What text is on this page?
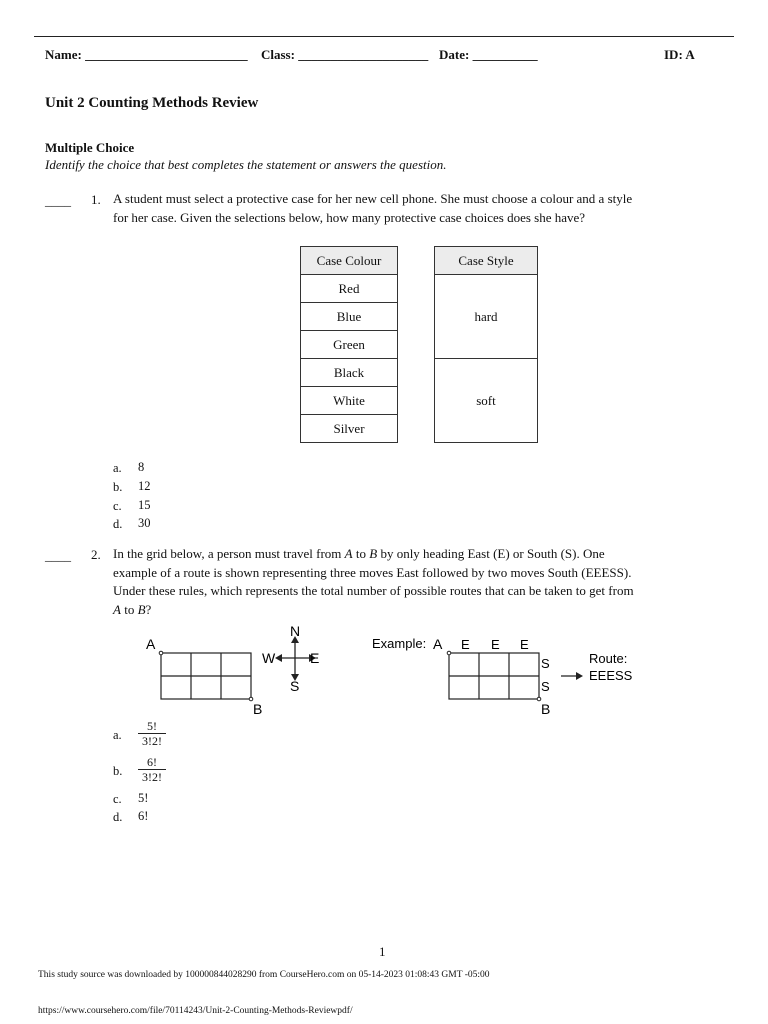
Name: _________________________ Class: ____________________ Date: __________	ID: A
Unit 2 Counting Methods Review
Multiple Choice
Identify the choice that best completes the statement or answers the question.
____ 1. A student must select a protective case for her new cell phone. She must choose a colour and a style
for her case. Given the selections below, how many protective case choices does she have?
Case Colour
Red
Blue
Green
Black
White
Silver
Case Style
hard
soft
a. 8
b. 12
c. 15
d. 30
____ 2. In the grid below, a person must travel from A to B by only heading East (E) or South (S). One
example of a route is shown representing three moves East followed by two moves South (EEESS).
Under these rules, which represents the total number of possible routes that can be taken to get from
A to B?
A
B
N
S
E
W
Example: A E E E
S
S
B
Route:
EEESS
a. $\frac{5!}{3!2!}$
b. $\frac{6!}{3!2!}$
c. 5!
d. 6!
1
This study source was downloaded by 100000844028290 from CourseHero.com on 05-14-2023 01:08:43 GMT -05:00
https://www.coursehero.com/file/70114243/Unit-2-Counting-Methods-Reviewpdf/
